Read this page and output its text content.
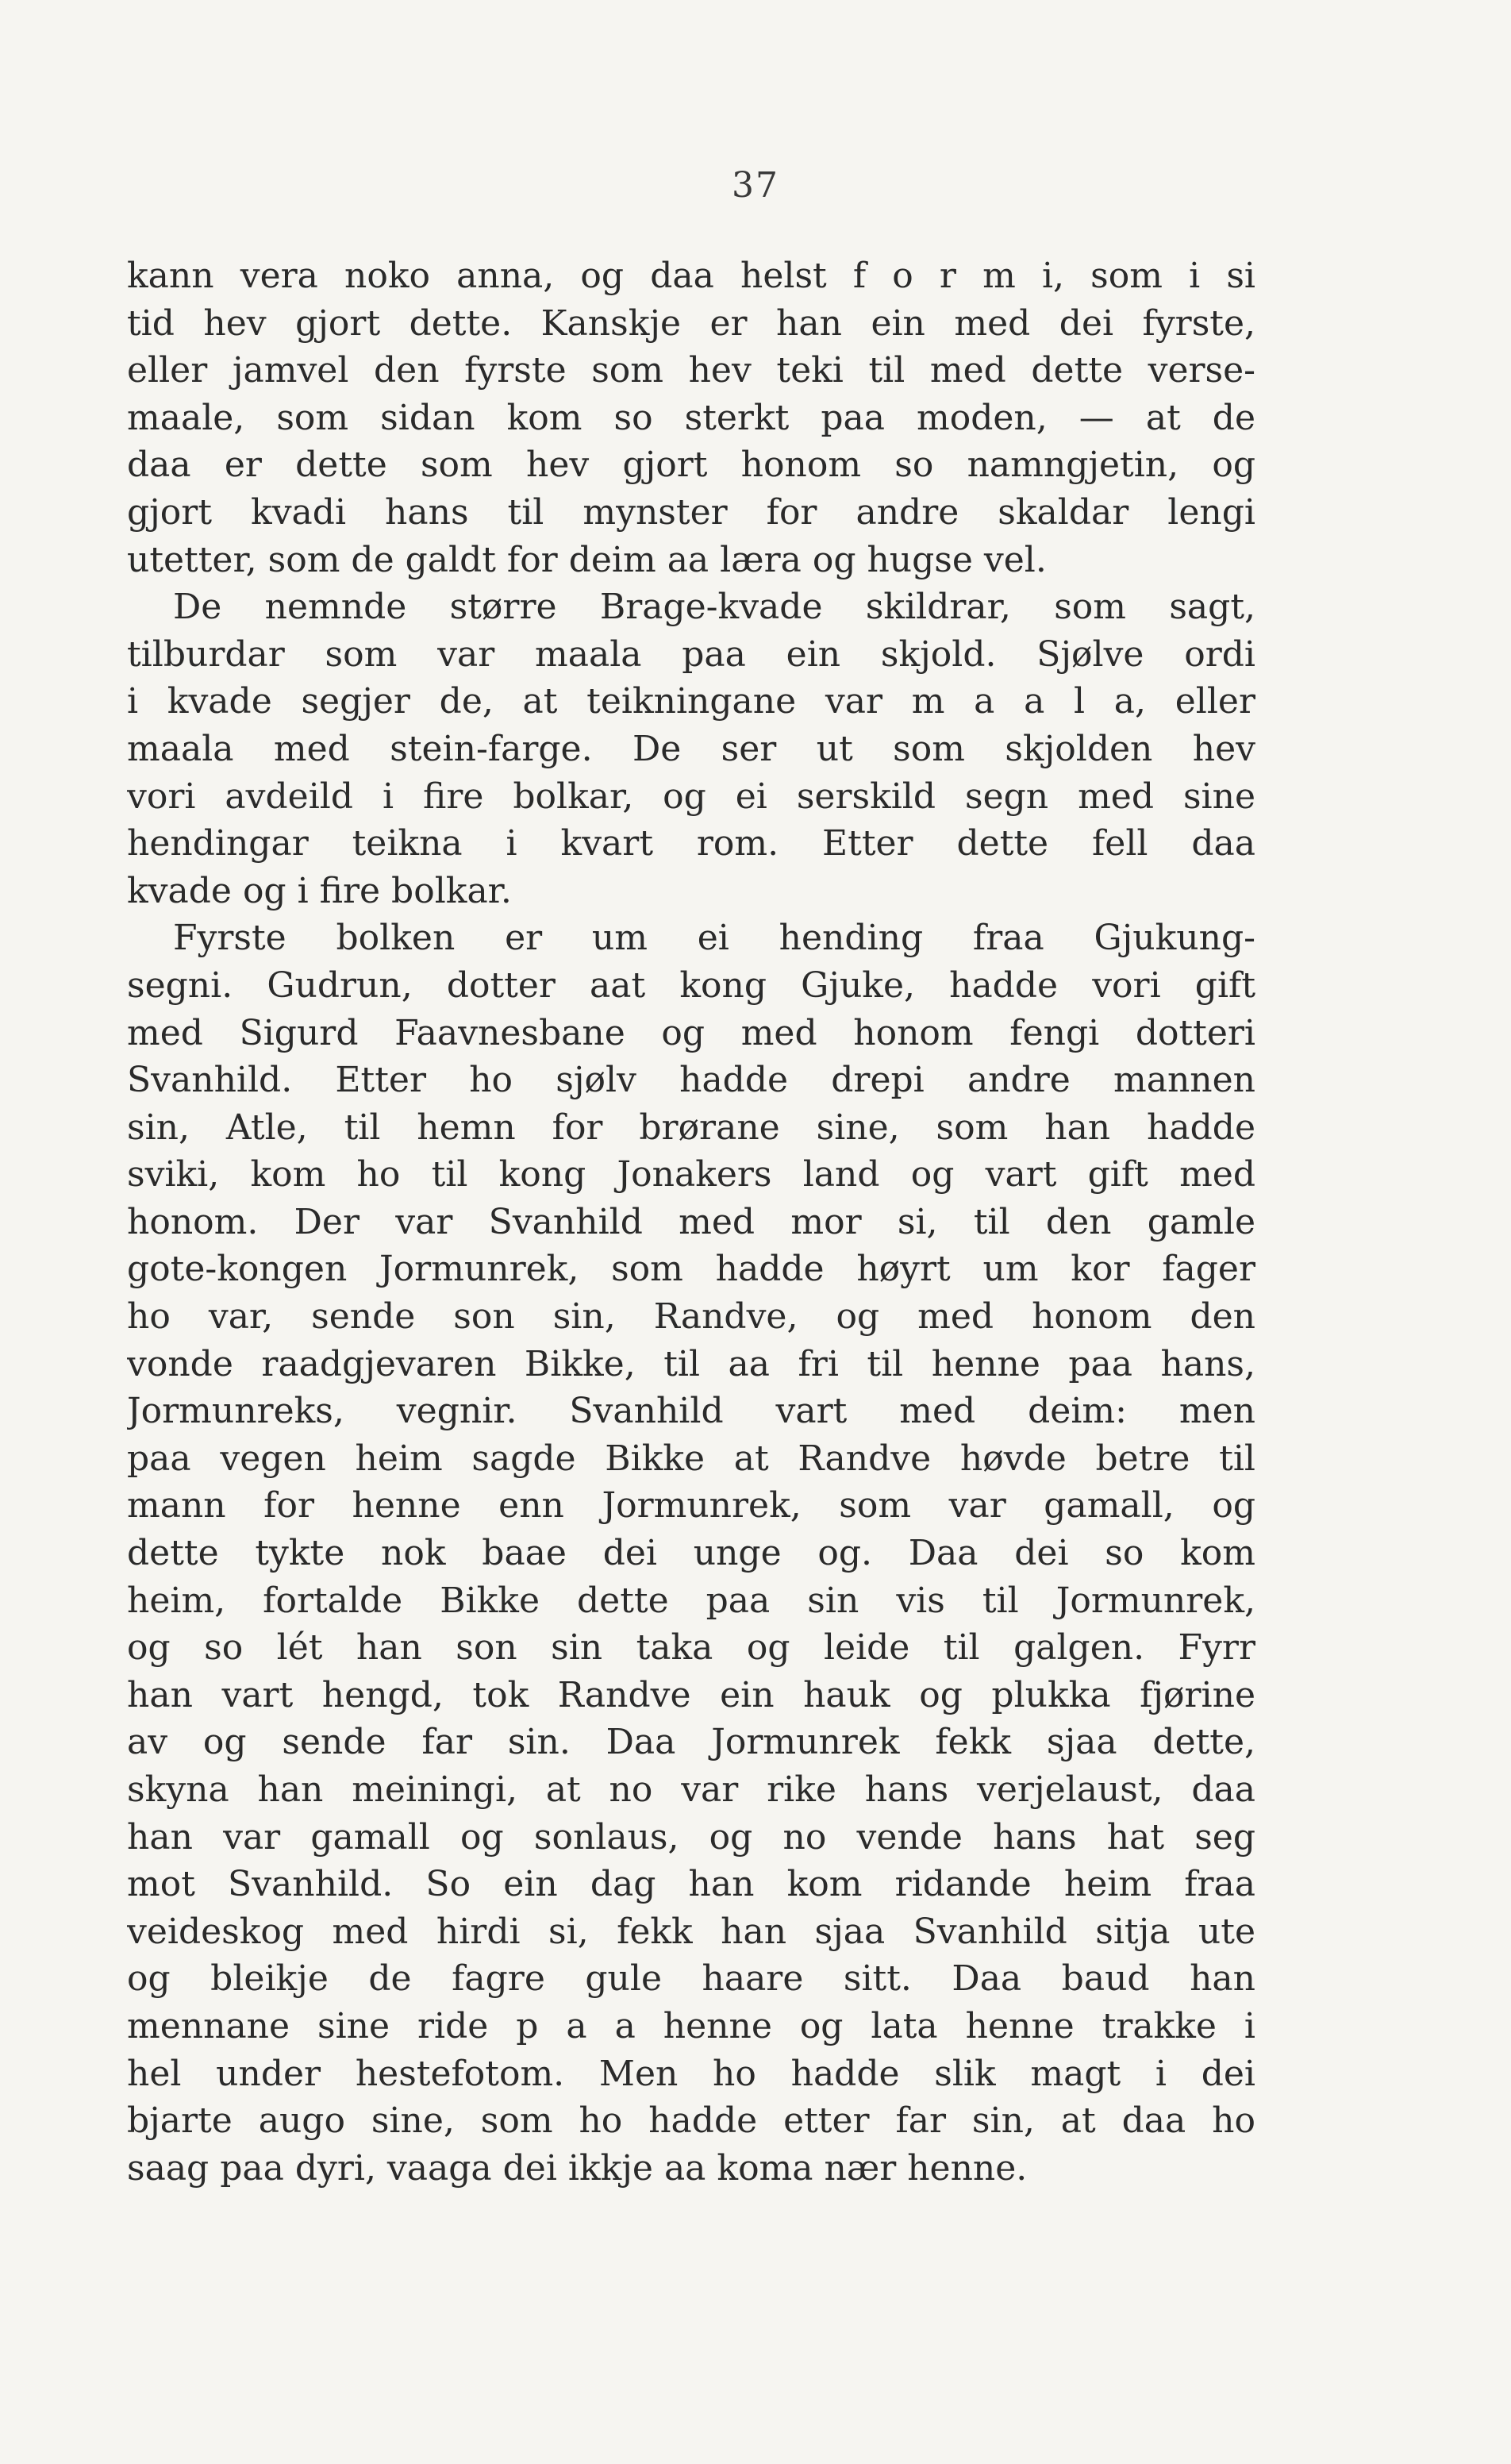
37
kann vera noko anna, og daa helst f o r m i, som i si
tid hev gjort dette. Kanskje er han ein med dei fyrste,
eller jamvel den fyrste som hev teki til med dette verse-
maale, som sidan kom so sterkt paa moden, — at de
daa er dette som hev gjort honom so namngjetin, og
gjort kvadi hans til mynster for andre skaldar lengi
utetter, som de galdt for deim aa læra og hugse vel.
De nemnde større Brage-kvade skildrar, som sagt,
tilburdar som var maala paa ein skjold. Sjølve ordi
i kvade segjer de, at teikningane var m a a l a, eller
maala med stein-farge. De ser ut som skjolden hev
vori avdeild i fire bolkar, og ei serskild segn med sine
hendingar teikna i kvart rom. Etter dette fell daa
kvade og i fire bolkar.
Fyrste bolken er um ei hending fraa Gjukung-
segni. Gudrun, dotter aat kong Gjuke, hadde vori gift
med Sigurd Faavnesbane og med honom fengi dotteri
Svanhild. Etter ho sjølv hadde drepi andre mannen
sin, Atle, til hemn for brørane sine, som han hadde
sviki, kom ho til kong Jonakers land og vart gift med
honom. Der var Svanhild med mor si, til den gamle
gote-kongen Jormunrek, som hadde høyrt um kor fager
ho var, sende son sin, Randve, og med honom den
vonde raadgjevaren Bikke, til aa fri til henne paa hans,
Jormunreks, vegnir. Svanhild vart med deim: men
paa vegen heim sagde Bikke at Randve høvde betre til
mann for henne enn Jormunrek, som var gamall, og
dette tykte nok baae dei unge og. Daa dei so kom
heim, fortalde Bikke dette paa sin vis til Jormunrek,
og so lét han son sin taka og leide til galgen. Fyrr
han vart hengd, tok Randve ein hauk og plukka fjørine
av og sende far sin. Daa Jormunrek fekk sjaa dette,
skyna han meiningi, at no var rike hans verjelaust, daa
han var gamall og sonlaus, og no vende hans hat seg
mot Svanhild. So ein dag han kom ridande heim fraa
veideskog med hirdi si, fekk han sjaa Svanhild sitja ute
og bleikje de fagre gule haare sitt. Daa baud han
mennane sine ride p a a henne og lata henne trakke i
hel under hestefotom. Men ho hadde slik magt i dei
bjarte augo sine, som ho hadde etter far sin, at daa ho
saag paa dyri, vaaga dei ikkje aa koma nær henne.
